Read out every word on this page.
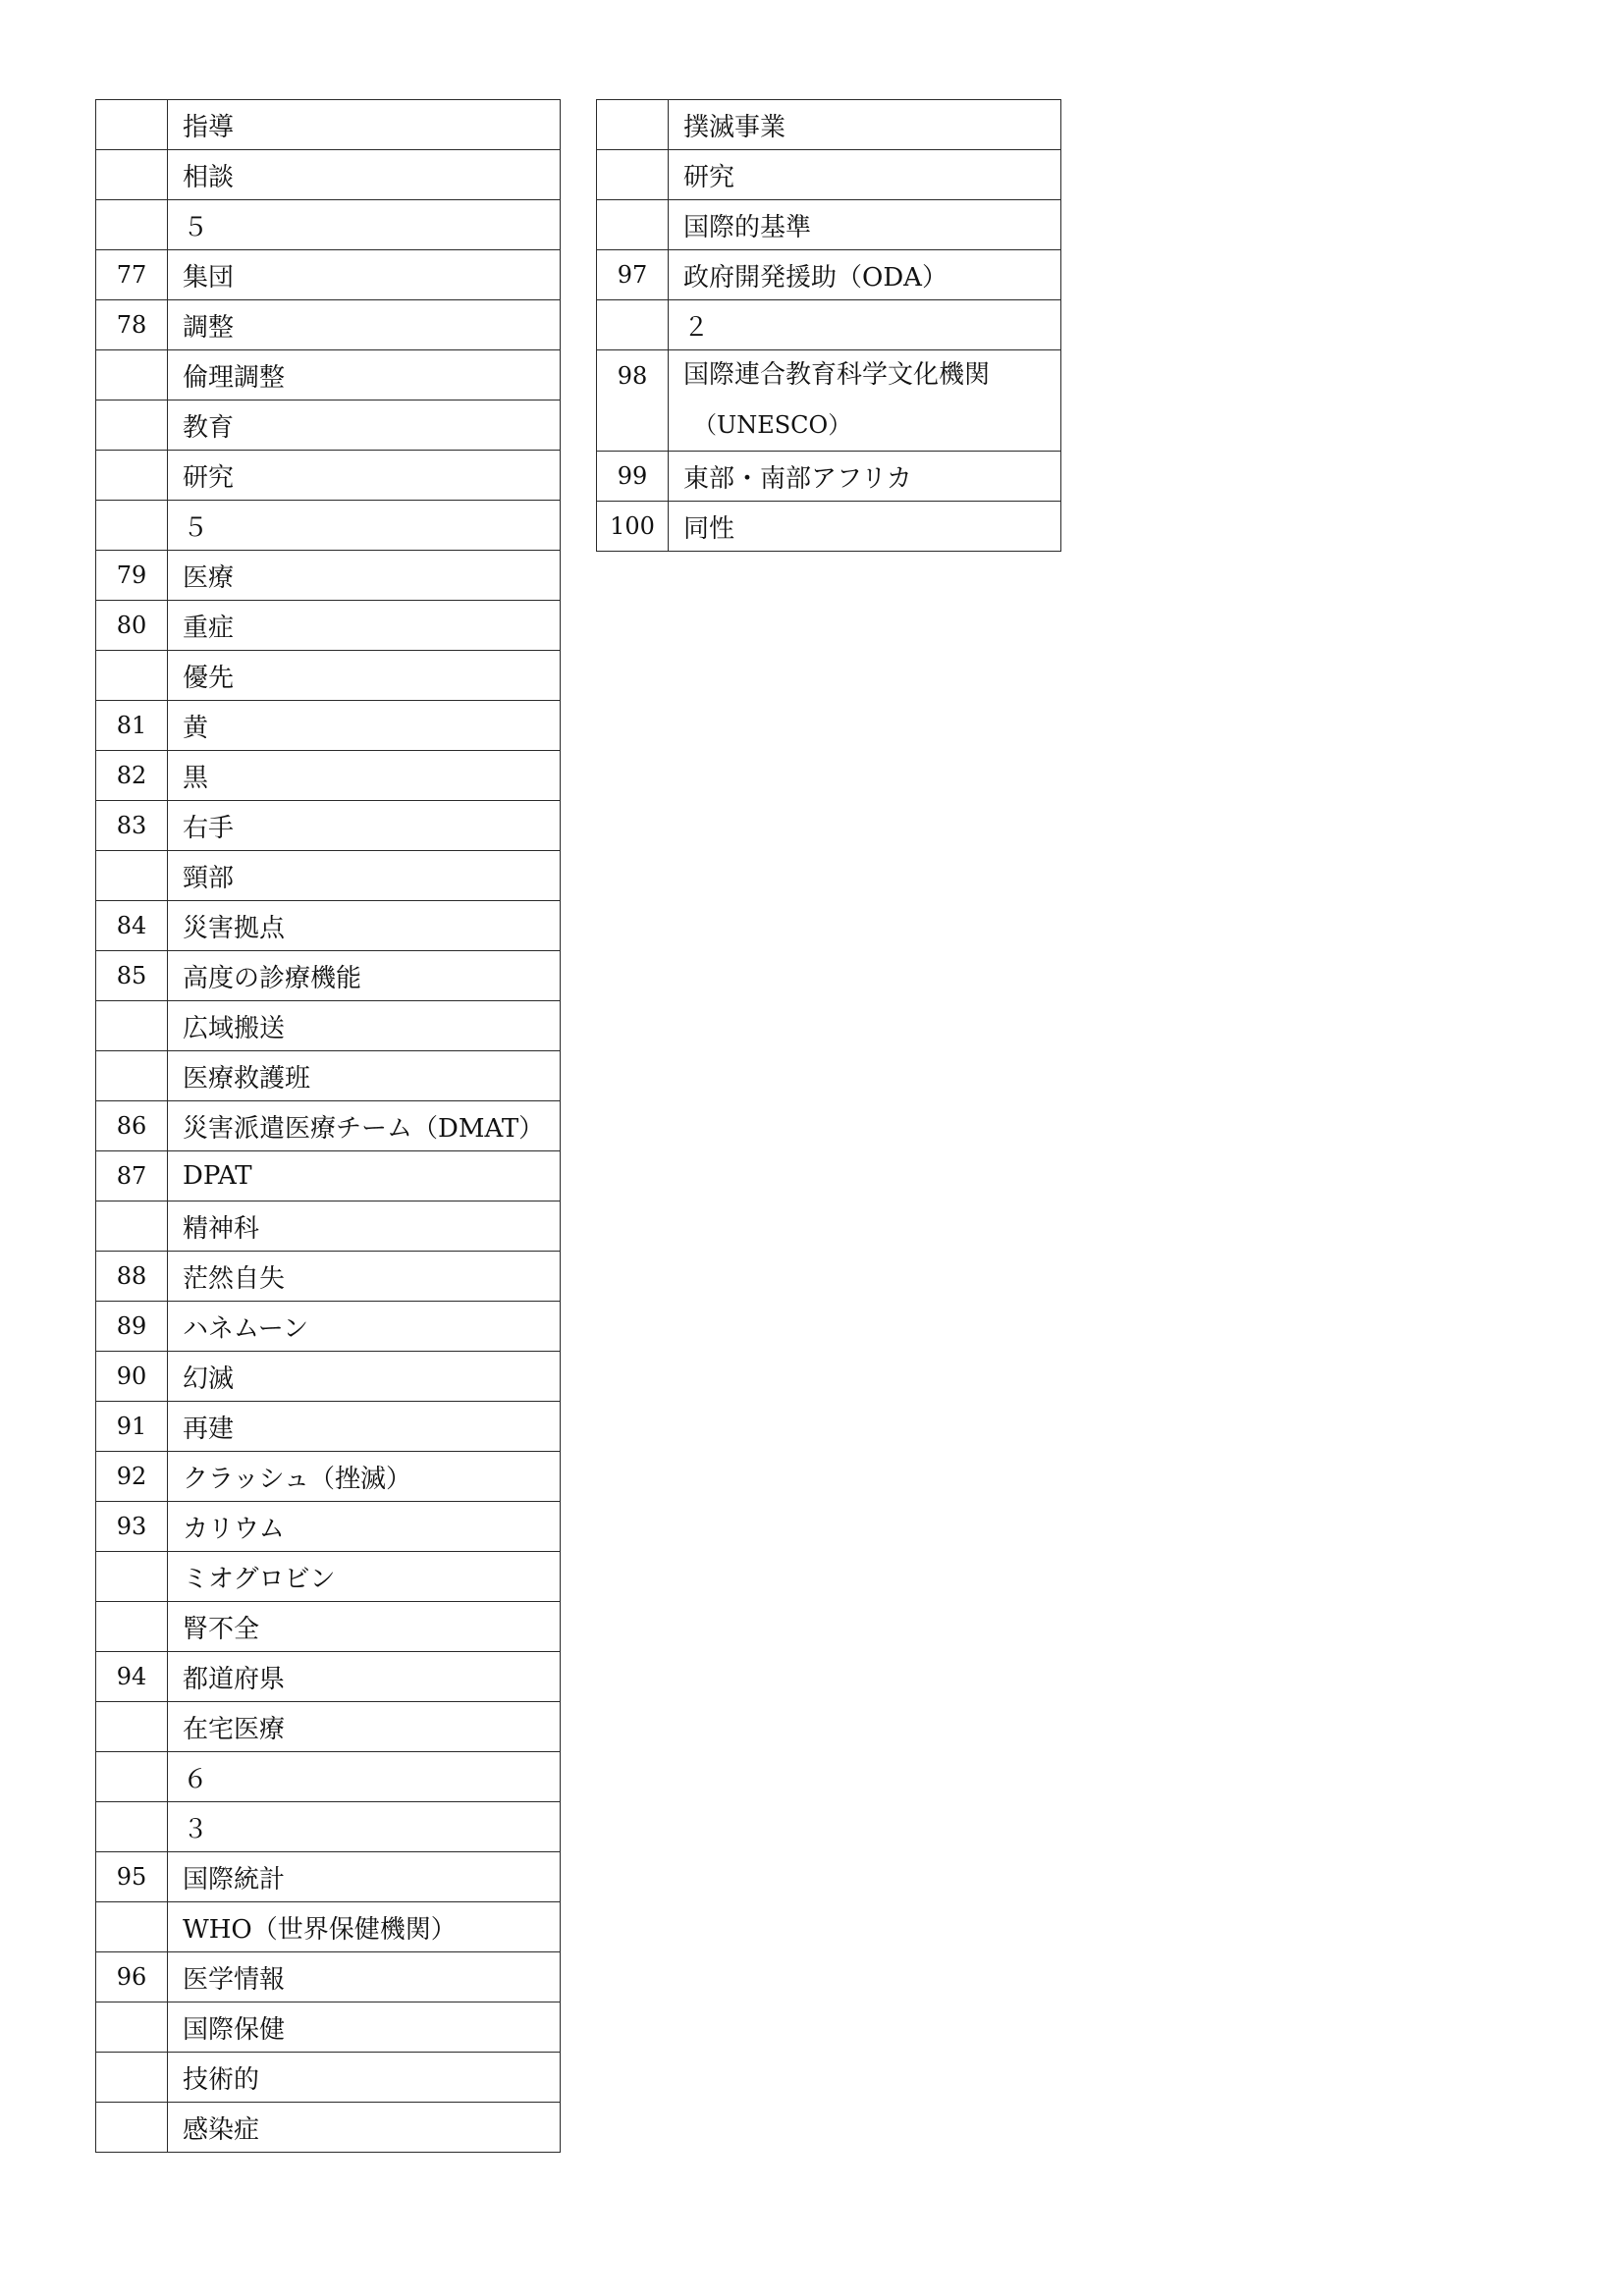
	指導
	相談
	５
77	集団
78	調整
	倫理調整
	教育
	研究
	５
79	医療
80	重症
	優先
81	黄
82	黒
83	右手
	頸部
84	災害拠点
85	高度の診療機能
	広域搬送
	医療救護班
86	災害派遣医療チーム（DMAT）
87	DPAT
	精神科
88	茫然自失
89	ハネムーン
90	幻滅
91	再建
92	クラッシュ（挫滅）
93	カリウム
	ミオグロビン
	腎不全
94	都道府県
	在宅医療
	６
	３
95	国際統計
	WHO（世界保健機関）
96	医学情報
	国際保健
	技術的
	感染症
	撲滅事業
	研究
	国際的基準
97	政府開発援助（ODA）
	２
98	国際連合教育科学文化機関
（UNESCO）

99	東部・南部アフリカ
100	同性
